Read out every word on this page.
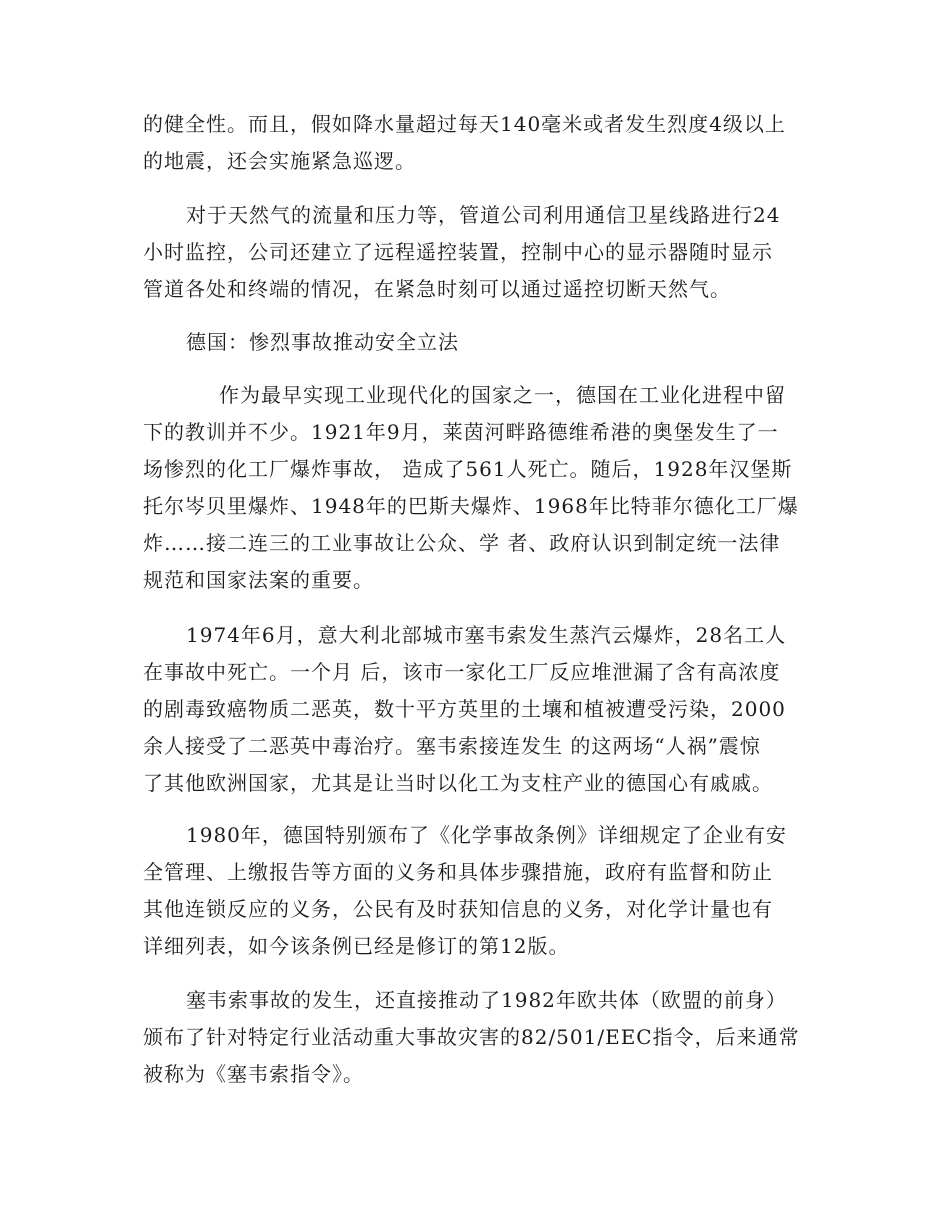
的健全性。而且，假如降水量超过每天140毫米或者发生烈度4级以上
的地震，还会实施紧急巡逻。
对于天然气的流量和压力等，管道公司利用通信卫星线路进行24
小时监控，公司还建立了远程遥控装置，控制中心的显示器随时显示
管道各处和终端的情况，在紧急时刻可以通过遥控切断天然气。
德国：惨烈事故推动安全立法
作为最早实现工业现代化的国家之一，德国在工业化进程中留
下的教训并不少。1921年9月，莱茵河畔路德维希港的奥堡发生了一
场惨烈的化工厂爆炸事故， 造成了561人死亡。随后，1928年汉堡斯
托尔岑贝里爆炸、1948年的巴斯夫爆炸、1968年比特菲尔德化工厂爆
炸……接二连三的工业事故让公众、学 者、政府认识到制定统一法律
规范和国家法案的重要。
1974年6月，意大利北部城市塞韦索发生蒸汽云爆炸，28名工人
在事故中死亡。一个月 后，该市一家化工厂反应堆泄漏了含有高浓度
的剧毒致癌物质二恶英，数十平方英里的土壤和植被遭受污染，2000
余人接受了二恶英中毒治疗。塞韦索接连发生 的这两场“人祸”震惊
了其他欧洲国家，尤其是让当时以化工为支柱产业的德国心有戚戚。
1980年，德国特别颁布了《化学事故条例》详细规定了企业有安
全管理、上缴报告等方面的义务和具体步骤措施，政府有监督和防止
其他连锁反应的义务，公民有及时获知信息的义务，对化学计量也有
详细列表，如今该条例已经是修订的第12版。
塞韦索事故的发生，还直接推动了1982年欧共体（欧盟的前身）
颁布了针对特定行业活动重大事故灾害的82/501/EEC指令，后来通常
被称为《塞韦索指令》。
